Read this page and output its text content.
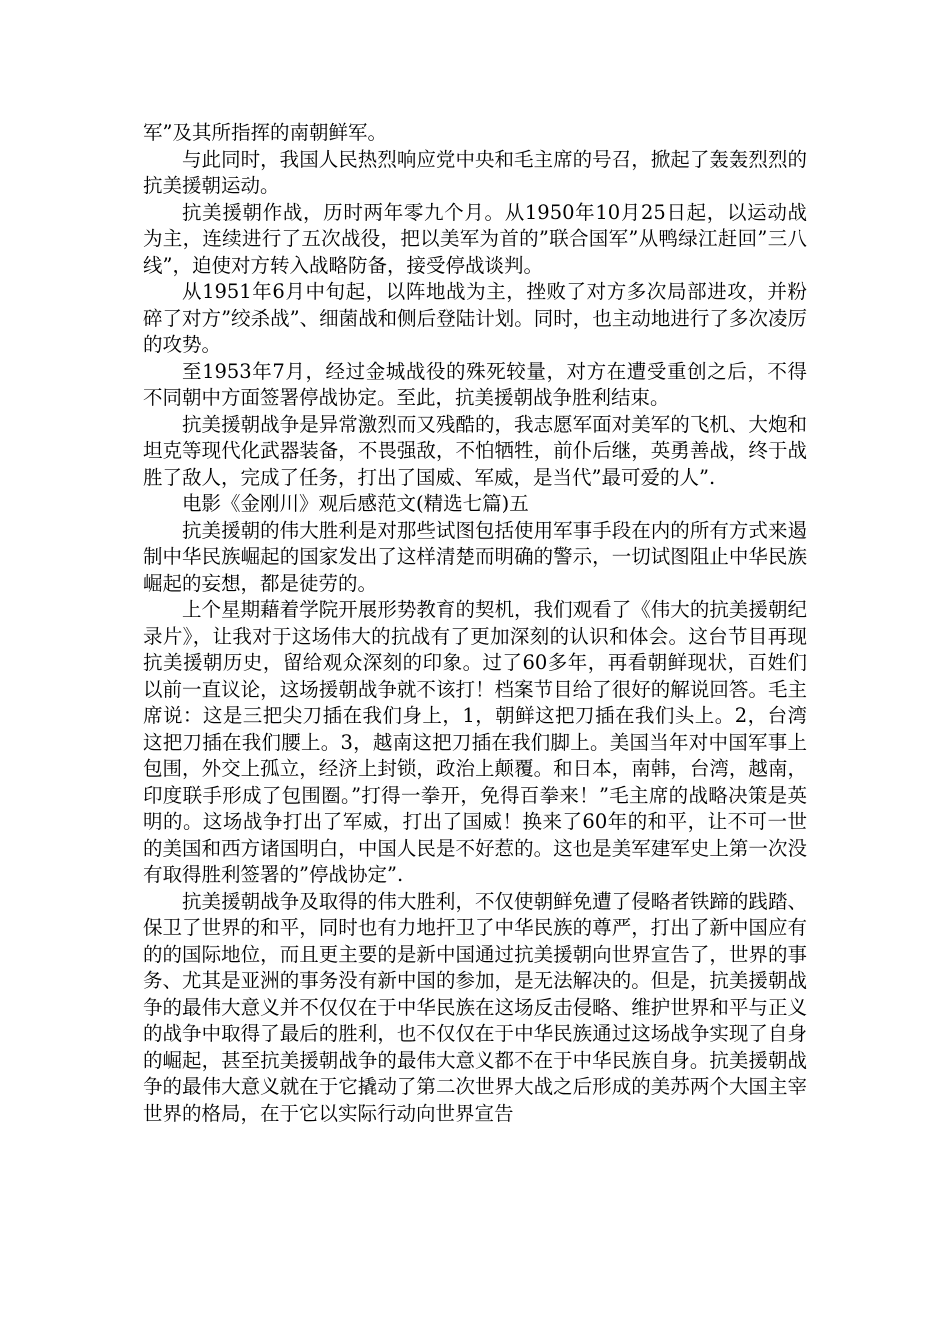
军”及其所指挥的南朝鲜军。

与此同时，我国人民热烈响应党中央和毛主席的号召，掀起了轰轰烈烈的抗美援朝运动。

抗美援朝作战，历时两年零九个月。从1950年10月25日起，以运动战为主，连续进行了五次战役，把以美军为首的”联合国军”从鸭绿江赶回”三八线”，迫使对方转入战略防备，接受停战谈判。

从1951年6月中旬起，以阵地战为主，挫败了对方多次局部进攻，并粉碎了对方”绞杀战”、细菌战和侧后登陆计划。同时，也主动地进行了多次凌厉的攻势。

至1953年7月，经过金城战役的殊死较量，对方在遭受重创之后，不得不同朝中方面签署停战协定。至此，抗美援朝战争胜利结束。

抗美援朝战争是异常激烈而又残酷的，我志愿军面对美军的飞机、大炮和坦克等现代化武器装备，不畏强敌，不怕牺牲，前仆后继，英勇善战，终于战胜了敌人，完成了任务，打出了国威、军威，是当代”最可爱的人”.

电影《金刚川》观后感范文(精选七篇)五

抗美援朝的伟大胜利是对那些试图包括使用军事手段在内的所有方式来遏制中华民族崛起的国家发出了这样清楚而明确的警示，一切试图阻止中华民族崛起的妄想，都是徒劳的。

上个星期藉着学院开展形势教育的契机，我们观看了《伟大的抗美援朝纪录片》，让我对于这场伟大的抗战有了更加深刻的认识和体会。这台节目再现抗美援朝历史，留给观众深刻的印象。过了60多年，再看朝鲜现状，百姓们以前一直议论，这场援朝战争就不该打！档案节目给了很好的解说回答。毛主席说：这是三把尖刀插在我们身上，1，朝鲜这把刀插在我们头上。2，台湾这把刀插在我们腰上。3，越南这把刀插在我们脚上。美国当年对中国军事上包围，外交上孤立，经济上封锁，政治上颠覆。和日本，南韩，台湾，越南，印度联手形成了包围圈。”打得一拳开，免得百拳来！”毛主席的战略决策是英明的。这场战争打出了军威，打出了国威！换来了60年的和平，让不可一世的美国和西方诸国明白，中国人民是不好惹的。这也是美军建军史上第一次没有取得胜利签署的”停战协定”.

抗美援朝战争及取得的伟大胜利，不仅使朝鲜免遭了侵略者铁蹄的践踏、保卫了世界的和平，同时也有力地扞卫了中华民族的尊严，打出了新中国应有的的国际地位，而且更主要的是新中国通过抗美援朝向世界宣告了，世界的事务、尤其是亚洲的事务没有新中国的参加，是无法解决的。但是，抗美援朝战争的最伟大意义并不仅仅在于中华民族在这场反击侵略、维护世界和平与正义的战争中取得了最后的胜利，也不仅仅在于中华民族通过这场战争实现了自身的崛起，甚至抗美援朝战争的最伟大意义都不在于中华民族自身。抗美援朝战争的最伟大意义就在于它撬动了第二次世界大战之后形成的美苏两个大国主宰世界的格局，在于它以实际行动向世界宣告
